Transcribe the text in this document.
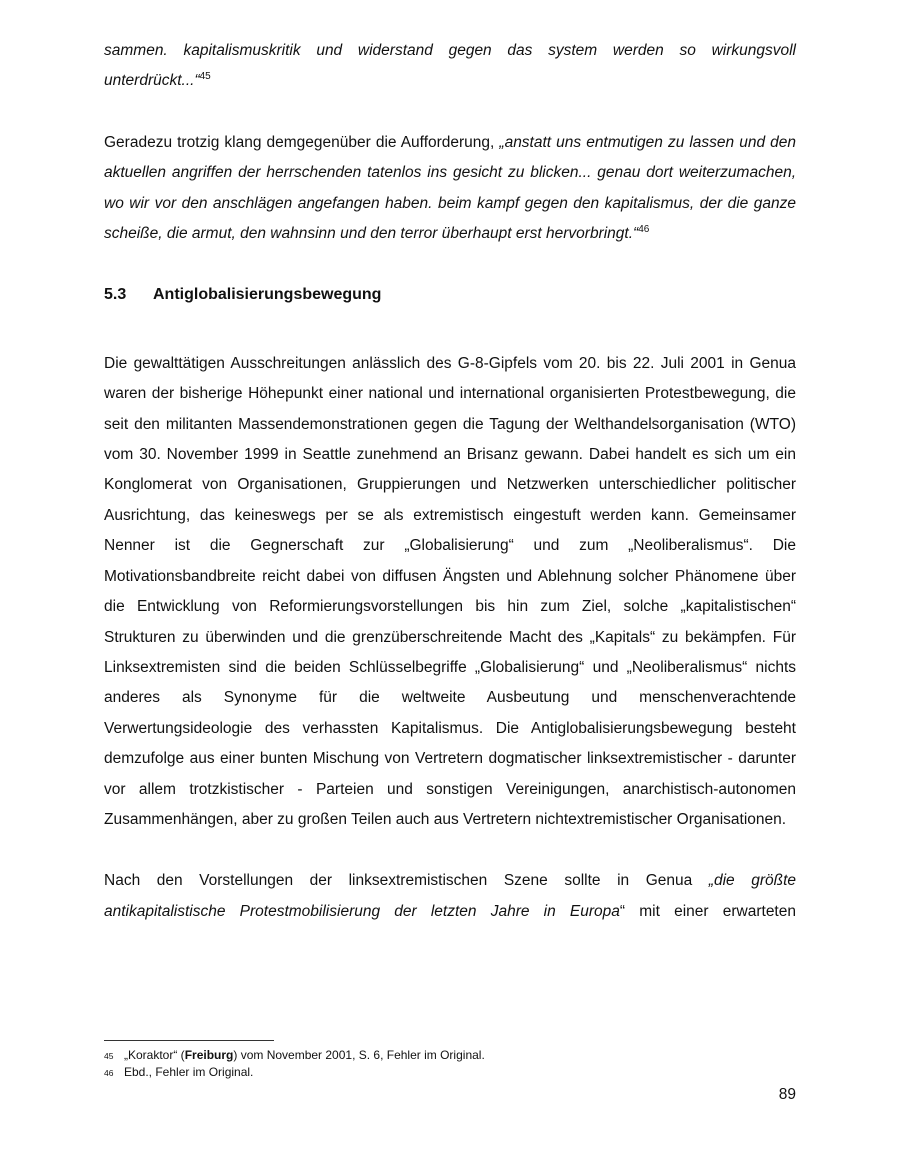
sammen. kapitalismuskritik und widerstand gegen das system werden so wirkungsvoll unterdrückt...“$^{45}$

Geradezu trotzig klang demgegenüber die Aufforderung, „anstatt uns entmutigen zu lassen und den aktuellen angriffen der herrschenden tatenlos ins gesicht zu blicken... genau dort weiterzumachen, wo wir vor den anschlägen angefangen haben. beim kampf gegen den kapitalismus, der die ganze scheiße, die armut, den wahnsinn und den terror überhaupt erst hervorbringt.“$^{46}$

5.3 Antiglobalisierungsbewegung

Die gewalttätigen Ausschreitungen anlässlich des G-8-Gipfels vom 20. bis 22. Juli 2001 in Genua waren der bisherige Höhepunkt einer national und international organisierten Protestbewegung, die seit den militanten Massendemonstrationen gegen die Tagung der Welthandelsorganisation (WTO) vom 30. November 1999 in Seattle zunehmend an Brisanz gewann. Dabei handelt es sich um ein Konglomerat von Organisationen, Gruppierungen und Netzwerken unterschiedlicher politischer Ausrichtung, das keineswegs per se als extremistisch eingestuft werden kann. Gemeinsamer Nenner ist die Gegnerschaft zur „Globalisierung“ und zum „Neoliberalismus“. Die Motivationsbandbreite reicht dabei von diffusen Ängsten und Ablehnung solcher Phänomene über die Entwicklung von Reformierungsvorstellungen bis hin zum Ziel, solche „kapitalistischen“ Strukturen zu überwinden und die grenzüberschreitende Macht des „Kapitals“ zu bekämpfen. Für Linksextremisten sind die beiden Schlüsselbegriffe „Globalisierung“ und „Neoliberalismus“ nichts anderes als Synonyme für die weltweite Ausbeutung und menschenverachtende Verwertungsideologie des verhassten Kapitalismus. Die Antiglobalisierungsbewegung besteht demzufolge aus einer bunten Mischung von Vertretern dogmatischer linksextremistischer - darunter vor allem trotzkistischer - Parteien und sonstigen Vereinigungen, anarchistisch-autonomen Zusammenhängen, aber zu großen Teilen auch aus Vertretern nichtextremistischer Organisationen.

Nach den Vorstellungen der linksextremistischen Szene sollte in Genua „die größte antikapitalistische Protestmobilisierung der letzten Jahre in Europa“ mit einer erwarteten

45 „Koraktor“ (Freiburg) vom November 2001, S. 6, Fehler im Original.
46 Ebd., Fehler im Original.
89
